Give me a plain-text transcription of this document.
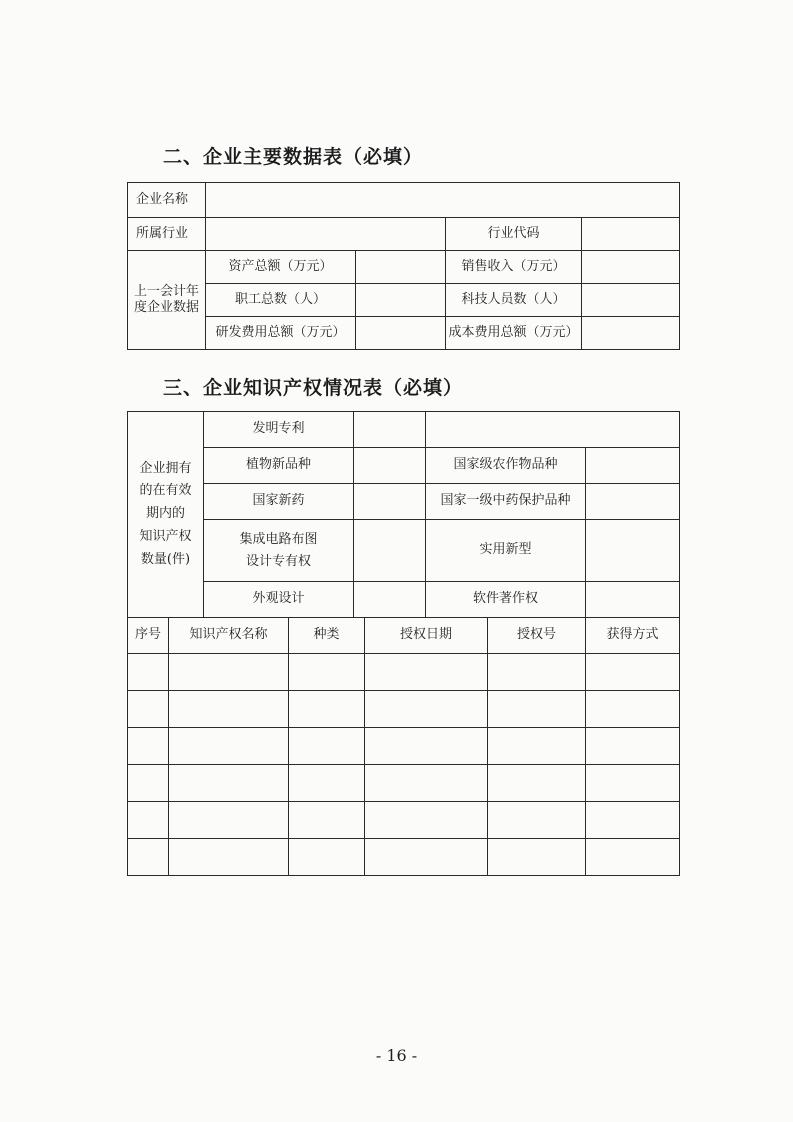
二、企业主要数据表（必填）
企业名称				
所属行业			行业代码	

上一会计年
度企业数据	资产总额（万元）		销售收入（万元）	
	职工总数（人）		科技人员数（人）	
	研发费用总额（万元）		成本费用总额（万元）	
三、企业知识产权情况表（必填）
企业拥有
的在有效
期内的
知识产权
数量(件)	发明专利			
	植物新品种		国家级农作物品种	
	国家新药		国家一级中药保护品种	

	集成电路布图
设计专有权		实用新型	
	外观设计		软件著作权	
序号	知识产权名称	种类	授权日期	授权号	获得方式

- 16 -
